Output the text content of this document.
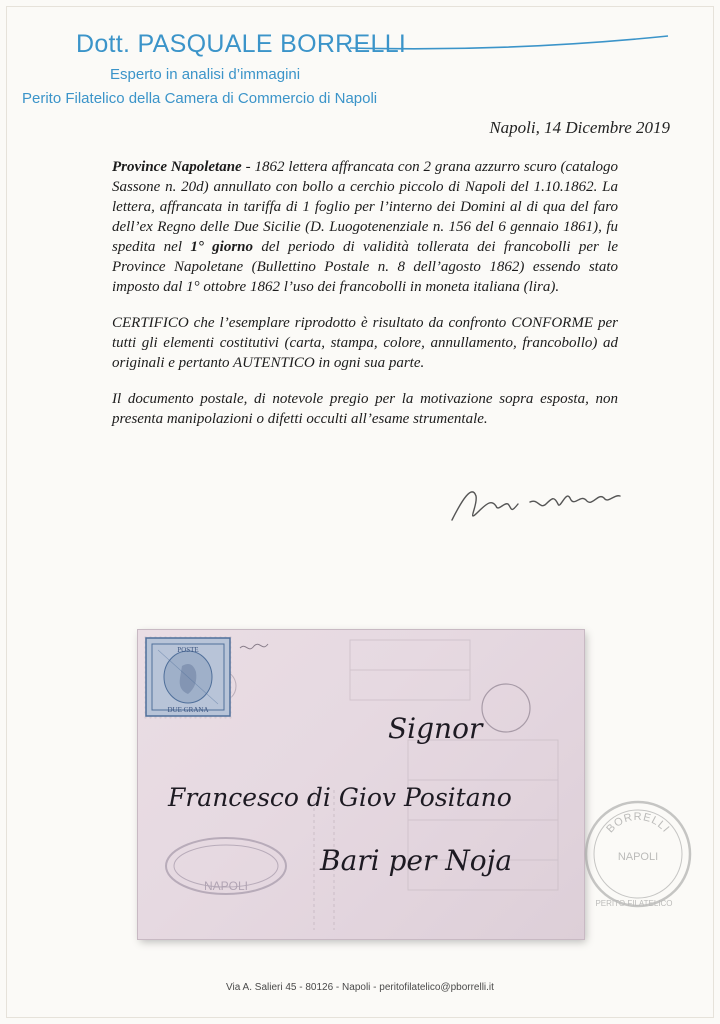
Dott. PASQUALE BORRELLI
Esperto in analisi d’immagini
Perito Filatelico della Camera di Commercio di Napoli
Napoli, 14 Dicembre 2019

Province Napoletane - 1862 lettera affrancata con 2 grana azzurro scuro (catalogo Sassone n. 20d) annullato con bollo a cerchio piccolo di Napoli del 1.10.1862. La lettera, affrancata in tariffa di 1 foglio per l’interno dei Domini al di qua del faro dell’ex Regno delle Due Sicilie (D. Luogotenenziale n. 156 del 6 gennaio 1861), fu spedita nel 1° giorno del periodo di validità tollerata dei francobolli per le Province Napoletane (Bullettino Postale n. 8 dell’agosto 1862) essendo stato imposto dal 1° ottobre 1862 l’uso dei francobolli in moneta italiana (lira).

CERTIFICO che l’esemplare riprodotto è risultato da confronto CONFORME per tutti gli elementi costitutivi (carta, stampa, colore, annullamento, francobollo) ad originali e pertanto AUTENTICO in ogni sua parte.

Il documento postale, di notevole pregio per la motivazione sopra esposta, non presenta manipolazioni o difetti occulti all’esame strumentale.

POSTE
DUE GRANA
NAPOLI
Signor
Francesco di Giov Positano
Bari per Noja
BORRELLI
NAPOLI
PERITO FILATELICO
Via A. Salieri 45 - 80126 - Napoli - peritofilatelico@pborrelli.it
